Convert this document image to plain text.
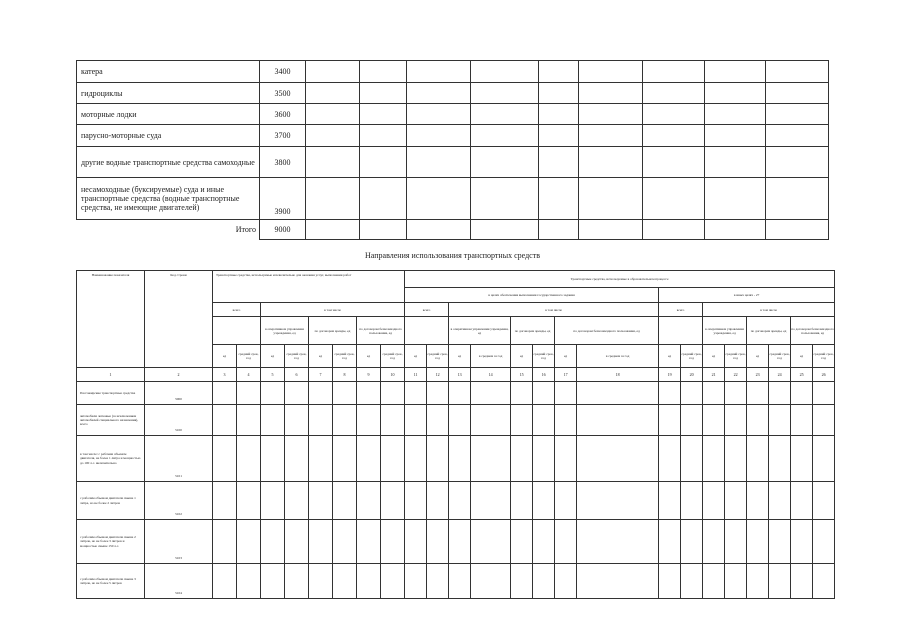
катера	3400									
гидроциклы	3500									
моторные лодки	3600									
парусно-моторные суда	3700									
другие водные транспортные средства самоходные	3800									
несамоходные (буксируемые) суда и иные транспортные средства (водные транспортные средства, не имеющие двигателей)	3900									
Итого	9000									
Направления использования транспортных средств
Наименование показателя	Код строки	Транспортные средства, используемые исключительно для оказания услуг, выполнения работ								Транспортные средства, используемые в образовательном процессе															
										в целях обеспечения выполнения государственного задания								в иных целях - 27							
		всего		в том числе						всего		в том числе						всего		в том числе					
				в оперативном управлении учреждения, ед		по договорам аренды, ед		по договорам безвозмездного пользования, ед				в оперативном управлении учреждения, ед		по договорам аренды, ед		по договорам безвозмездного пользования, ед				в оперативном управлении учреждения, ед		по договорам аренды, ед		по договорам безвозмездного пользования, ед	
		ед	средний срок, год	ед	средний срок, год	ед	средний срок, год	ед	средний срок, год	ед	средний срок, год	ед	в среднем за год	ед	средний срок, год	ед	в среднем за год	ед	средний срок, год	ед	средний срок, год	ед	средний срок, год	ед	средний срок, год
1	2	3	4	5	6	7	8	9	10	11	12	13	14	15	16	17	18	19	20	21	22	23	24	25	26
Пассажирские транспортные средства	5000																								
автомобили легковые (за исключением автомобилей специального назначения), всего	5100																								
в том числе: с рабочим объемом двигателя, не более 1 литра и мощностью до 100 л.с. включительно	5101																								
с рабочим объемом двигателя свыше 1 литра, но не более 2 литров	5102																								
с рабочим объемом двигателя свыше 2 литров, но не более 3 литров и мощностью свыше 150 л.с.	5103																								
с рабочим объемом двигателя свыше 3 литров, но не более 5 литров	5104																								
